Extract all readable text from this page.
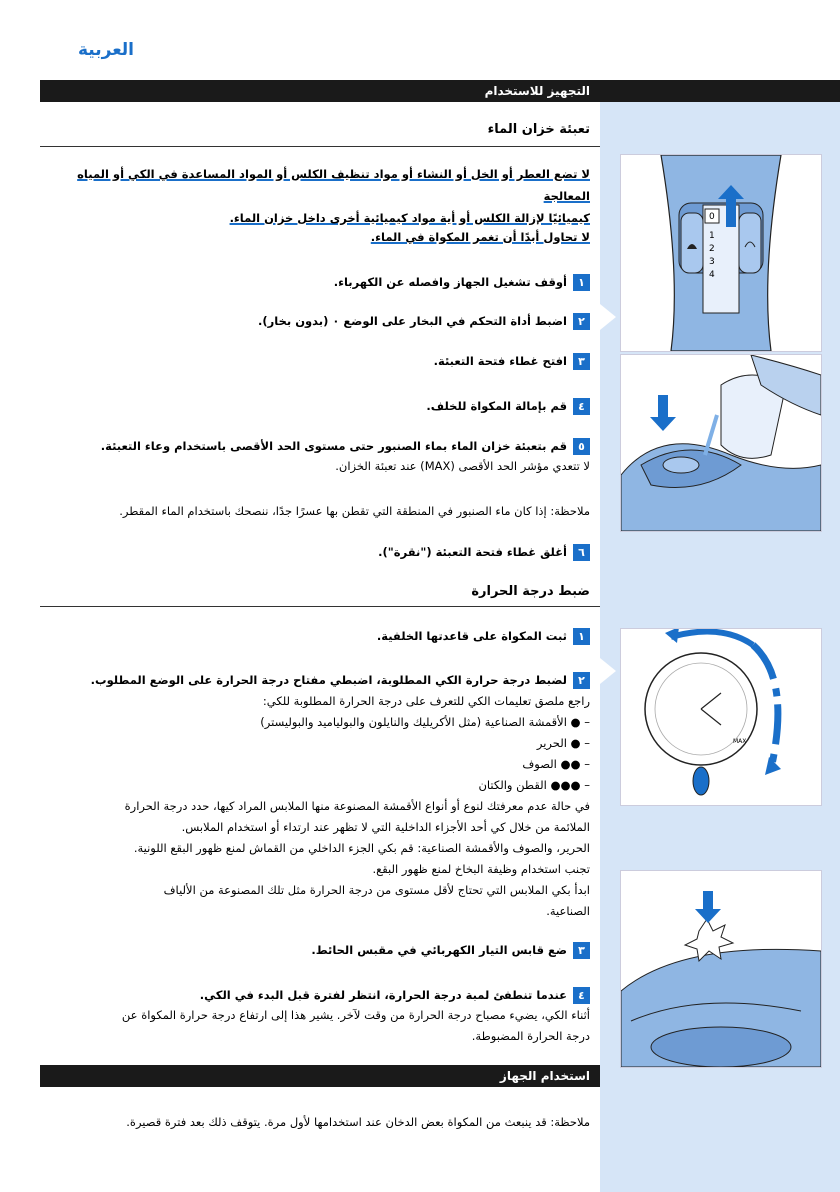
العربية
التجهيز للاستخدام
تعبئة خزان الماء
لا تضع العطر أو الخل أو النشاء أو مواد تنظيف الكلس أو المواد المساعدة في الكي أو المياه المعالجة
كيميائيًا لإزالة الكلس أو أية مواد كيميائية أخرى داخل خزان الماء.
لا تحاول أبدًا أن تغمر المكواة في الماء.
١أوقف تشغيل الجهاز وافصله عن الكهرباء.
٢اضبط أداة التحكم في البخار على الوضع ٠ (بدون بخار).
٣افتح غطاء فتحة التعبئة.
٤قم بإمالة المكواة للخلف.
٥قم بتعبئة خزان الماء بماء الصنبور حتى مستوى الحد الأقصى باستخدام وعاء التعبئة.
لا تتعدي مؤشر الحد الأقصى (MAX) عند تعبئة الخزان.
ملاحظة: إذا كان ماء الصنبور في المنطقة التي تقطن بها عسرًا جدًا، ننصحك باستخدام الماء المقطر.
٦أغلق غطاء فتحة التعبئة ("نقرة").
ضبط درجة الحرارة
١ثبت المكواة على قاعدتها الخلفية.
٢لضبط درجة حرارة الكي المطلوبة، اضبطي مفتاح درجة الحرارة على الوضع المطلوب.
راجع ملصق تعليمات الكي للتعرف على درجة الحرارة المطلوبة للكي:
– ● الأقمشة الصناعية (مثل الأكريليك والنايلون والبولياميد والبوليستر)
– ● الحرير
– ●● الصوف
– ●●● القطن والكتان
في حالة عدم معرفتك لنوع أو أنواع الأقمشة المصنوعة منها الملابس المراد كيها، حدد درجة الحرارة
الملائمة من خلال كي أحد الأجزاء الداخلية التي لا تظهر عند ارتداء أو استخدام الملابس.
الحرير، والصوف والأقمشة الصناعية: قم بكي الجزء الداخلي من القماش لمنع ظهور البقع اللونية.
تجنب استخدام وظيفة البخاخ لمنع ظهور البقع.
ابدأ بكي الملابس التي تحتاج لأقل مستوى من درجة الحرارة مثل تلك المصنوعة من الألياف
الصناعية.
٣ضع قابس التيار الكهربائي في مقبس الحائط.
٤عندما تنطفئ لمبة درجة الحرارة، انتظر لفترة قبل البدء في الكي.
أثناء الكي، يضيء مصباح درجة الحرارة من وقت لآخر. يشير هذا إلى ارتفاع درجة حرارة المكواة عن
درجة الحرارة المضبوطة.
استخدام الجهاز
ملاحظة: قد ينبعث من المكواة بعض الدخان عند استخدامها لأول مرة. يتوقف ذلك بعد فترة قصيرة.
0
1
2
3
4
MAX
